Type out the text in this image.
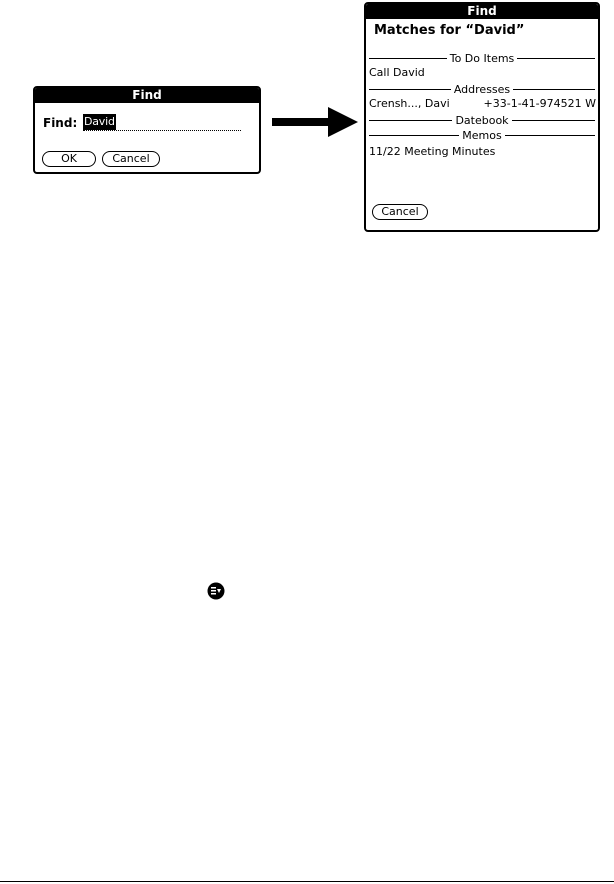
Find
Find: David
OK	Cancel
Find
Matches for “David”
To Do Items
Call David
Addresses
Crensh..., Davi	+33-1-41-974521 W
Datebook
Memos
11/22 Meeting Minutes
Cancel
